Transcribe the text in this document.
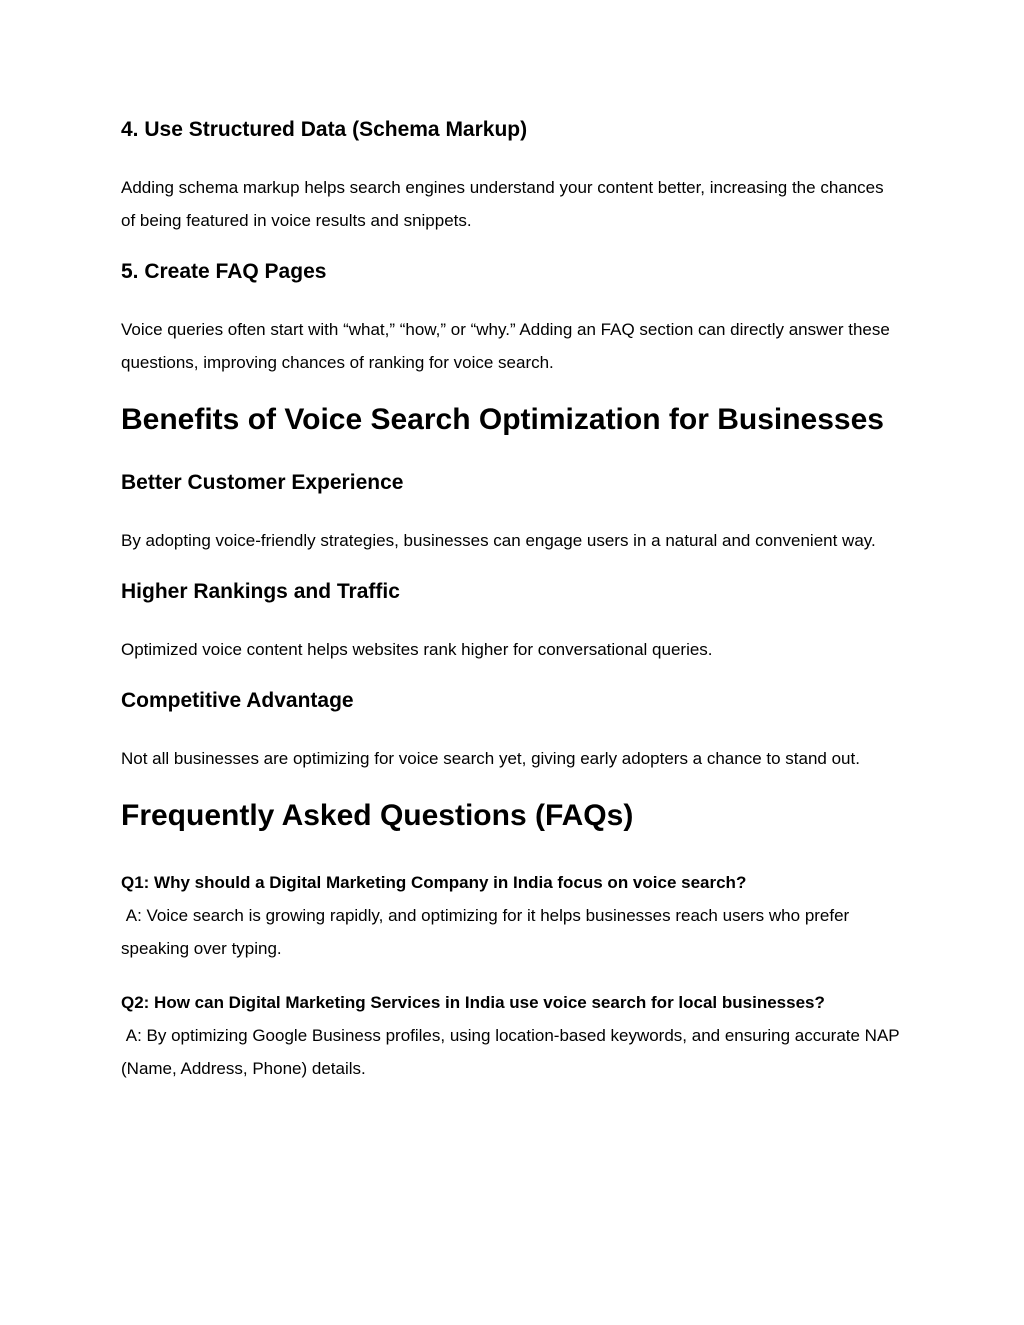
4. Use Structured Data (Schema Markup)

Adding schema markup helps search engines understand your content better, increasing the chances of being featured in voice results and snippets.

5. Create FAQ Pages

Voice queries often start with “what,” “how,” or “why.” Adding an FAQ section can directly answer these questions, improving chances of ranking for voice search.

Benefits of Voice Search Optimization for Businesses
Better Customer Experience

By adopting voice-friendly strategies, businesses can engage users in a natural and convenient way.

Higher Rankings and Traffic

Optimized voice content helps websites rank higher for conversational queries.

Competitive Advantage

Not all businesses are optimizing for voice search yet, giving early adopters a chance to stand out.

Frequently Asked Questions (FAQs)

Q1: Why should a Digital Marketing Company in India focus on voice search?

A: Voice search is growing rapidly, and optimizing for it helps businesses reach users who prefer speaking over typing.

Q2: How can Digital Marketing Services in India use voice search for local businesses?

A: By optimizing Google Business profiles, using location-based keywords, and ensuring accurate NAP (Name, Address, Phone) details.
